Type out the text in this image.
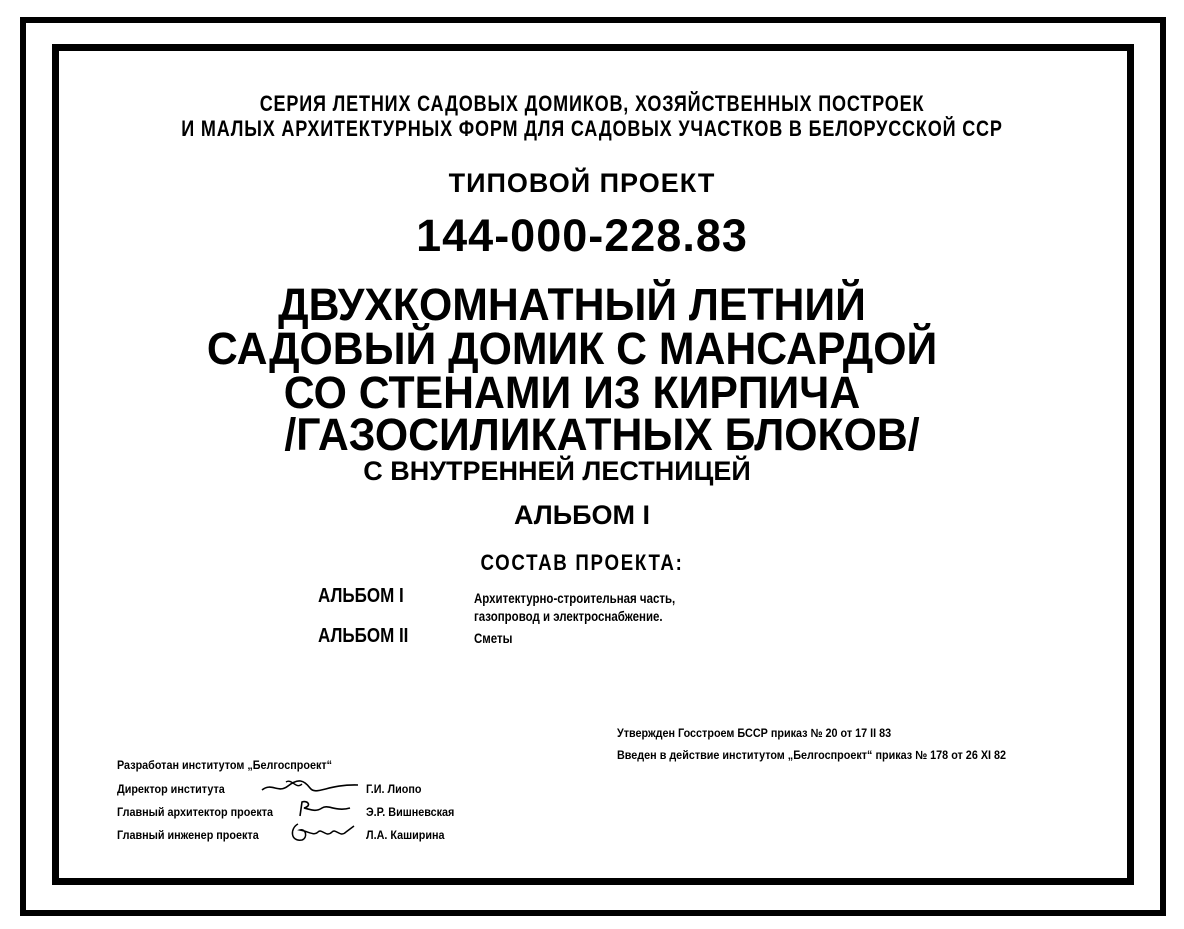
СЕРИЯ ЛЕТНИХ САДОВЫХ ДОМИКОВ, ХОЗЯЙСТВЕННЫХ ПОСТРОЕК
И МАЛЫХ АРХИТЕКТУРНЫХ ФОРМ ДЛЯ САДОВЫХ УЧАСТКОВ В БЕЛОРУССКОЙ ССР
ТИПОВОЙ ПРОЕКТ
144-000-228.83
ДВУХКОМНАТНЫЙ ЛЕТНИЙ
САДОВЫЙ ДОМИК С МАНСАРДОЙ
СО СТЕНАМИ ИЗ КИРПИЧА
/ГАЗОСИЛИКАТНЫХ БЛОКОВ/
С ВНУТРЕННЕЙ ЛЕСТНИЦЕЙ
АЛЬБОМ I
СОСТАВ ПРОЕКТА:
АЛЬБОМ I	Архитектурно-строительная часть,
газопровод и электроснабжение.
АЛЬБОМ II	Сметы
Утвержден Госстроем БССР приказ № 20 от 17 II 83
Введен в действие институтом „Белгоспроект“ приказ № 178 от 26 XI 82
Разработан институтом „Белгоспроект“
Директор института	Г.И. Лиопо
Главный архитектор проекта	Э.Р. Вишневская
Главный инженер проекта	Л.А. Каширина
